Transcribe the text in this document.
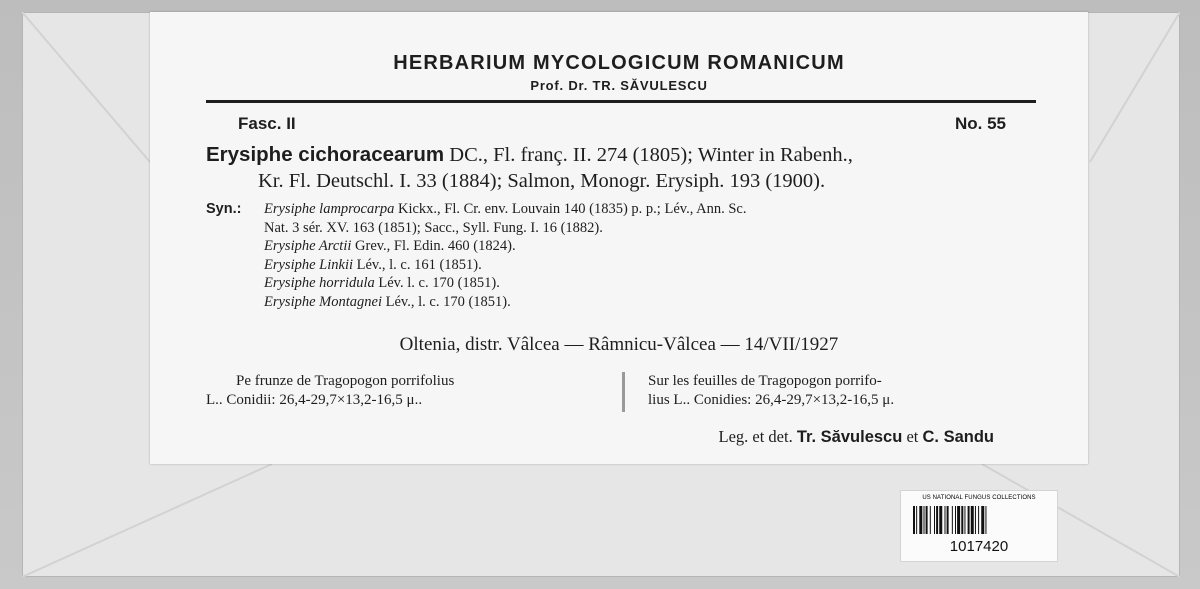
HERBARIUM MYCOLOGICUM ROMANICUM
Prof. Dr. TR. SĂVULESCU
Fasc. II	No. 55
Erysiphe cichoracearum DC., Fl. franç. II. 274 (1805); Winter in Rabenh.,
Kr. Fl. Deutschl. I. 33 (1884); Salmon, Monogr. Erysiph. 193 (1900).
Syn.:	Erysiphe lamprocarpa Kickx., Fl. Cr. env. Louvain 140 (1835) p. p.; Lév., Ann. Sc.
Nat. 3 sér. XV. 163 (1851); Sacc., Syll. Fung. I. 16 (1882).
Erysiphe Arctii Grev., Fl. Edin. 460 (1824).
Erysiphe Linkii Lév., l. c. 161 (1851).
Erysiphe horridula Lév. l. c. 170 (1851).
Erysiphe Montagnei Lév., l. c. 170 (1851).
Oltenia, distr. Vâlcea — Râmnicu-Vâlcea — 14/VII/1927
Pe frunze de Tragopogon porrifolius
L.. Conidii: 26,4-29,7×13,2-16,5 μ..
Sur les feuilles de Tragopogon porrifo-
lius L.. Conidies: 26,4-29,7×13,2-16,5 μ.
Leg. et det. Tr. Săvulescu et C. Sandu
US NATIONAL FUNGUS COLLECTIONS
1017420
